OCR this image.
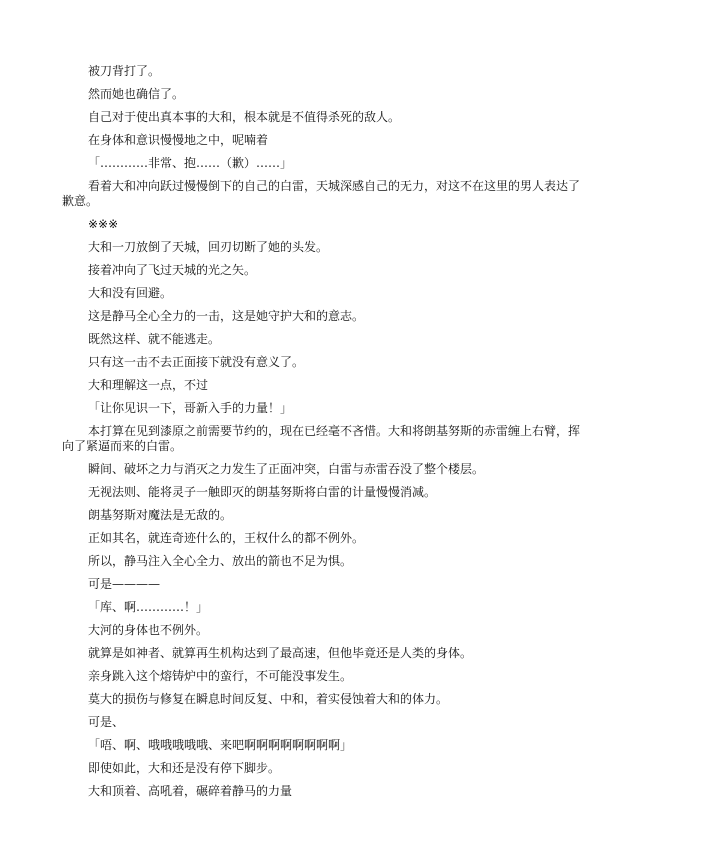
被刀背打了。

然而她也确信了。

自己对于使出真本事的大和，根本就是不值得杀死的敌人。

在身体和意识慢慢地之中，呢喃着

「…………非常、抱……（歉）……」

看着大和冲向跃过慢慢倒下的自己的白雷，天城深感自己的无力，对这不在这里的男人表达了歉意。

※※※

大和一刀放倒了天城，回刃切断了她的头发。

接着冲向了飞过天城的光之矢。

大和没有回避。

这是静马全心全力的一击，这是她守护大和的意志。

既然这样、就不能逃走。

只有这一击不去正面接下就没有意义了。

大和理解这一点，不过

「让你见识一下，哥新入手的力量！」

本打算在见到漆原之前需要节约的，现在已经毫不吝惜。大和将朗基努斯的赤雷缠上右臂，挥向了紧逼而来的白雷。

瞬间、破坏之力与消灭之力发生了正面冲突，白雷与赤雷吞没了整个楼层。

无视法则、能将灵子一触即灭的朗基努斯将白雷的计量慢慢消减。

朗基努斯对魔法是无敌的。

正如其名，就连奇迹什么的，王权什么的都不例外。

所以，静马注入全心全力、放出的箭也不足为惧。

可是————

「库、啊…………！」

大河的身体也不例外。

就算是如神者、就算再生机构达到了最高速，但他毕竟还是人类的身体。

亲身跳入这个熔铸炉中的蛮行，不可能没事发生。

莫大的损伤与修复在瞬息时间反复、中和，着实侵蚀着大和的体力。

可是、

「唔、啊、哦哦哦哦哦、来吧啊啊啊啊啊啊啊啊」

即使如此，大和还是没有停下脚步。

大和顶着、高吼着，碾碎着静马的力量
